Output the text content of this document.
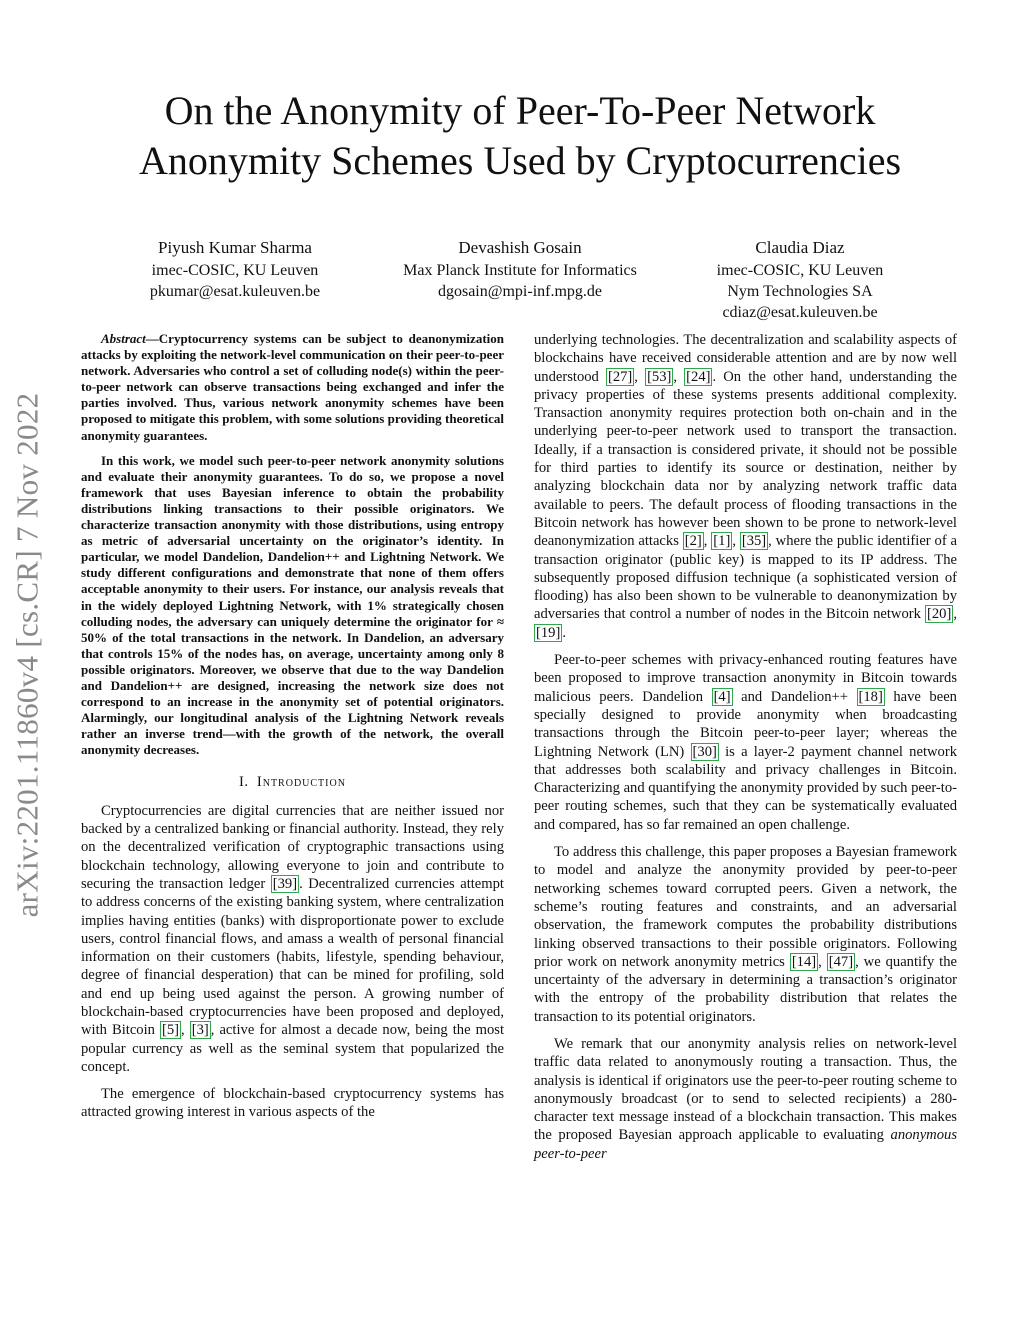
arXiv:2201.11860v4 [cs.CR] 7 Nov 2022
On the Anonymity of Peer-To-Peer Network Anonymity Schemes Used by Cryptocurrencies
Piyush Kumar Sharma
imec-COSIC, KU Leuven
pkumar@esat.kuleuven.be
Devashish Gosain
Max Planck Institute for Informatics
dgosain@mpi-inf.mpg.de
Claudia Diaz
imec-COSIC, KU Leuven
Nym Technologies SA
cdiaz@esat.kuleuven.be

Abstract—Cryptocurrency systems can be subject to deanonymization attacks by exploiting the network-level communication on their peer-to-peer network. Adversaries who control a set of colluding node(s) within the peer-to-peer network can observe transactions being exchanged and infer the parties involved. Thus, various network anonymity schemes have been proposed to mitigate this problem, with some solutions providing theoretical anonymity guarantees.

In this work, we model such peer-to-peer network anonymity solutions and evaluate their anonymity guarantees. To do so, we propose a novel framework that uses Bayesian inference to obtain the probability distributions linking transactions to their possible originators. We characterize transaction anonymity with those distributions, using entropy as metric of adversarial uncertainty on the originator’s identity. In particular, we model Dandelion, Dandelion++ and Lightning Network. We study different configurations and demonstrate that none of them offers acceptable anonymity to their users. For instance, our analysis reveals that in the widely deployed Lightning Network, with 1% strategically chosen colluding nodes, the adversary can uniquely determine the originator for ≈ 50% of the total transactions in the network. In Dandelion, an adversary that controls 15% of the nodes has, on average, uncertainty among only 8 possible originators. Moreover, we observe that due to the way Dandelion and Dandelion++ are designed, increasing the network size does not correspond to an increase in the anonymity set of potential originators. Alarmingly, our longitudinal analysis of the Lightning Network reveals rather an inverse trend—with the growth of the network, the overall anonymity decreases.

I. Introduction

Cryptocurrencies are digital currencies that are neither issued nor backed by a centralized banking or financial authority. Instead, they rely on the decentralized verification of cryptographic transactions using blockchain technology, allowing everyone to join and contribute to securing the transaction ledger [39] . Decentralized currencies attempt to address concerns of the existing banking system, where centralization implies having entities (banks) with disproportionate power to exclude users, control financial flows, and amass a wealth of personal financial information on their customers (habits, lifestyle, spending behaviour, degree of financial desperation) that can be mined for profiling, sold and end up being used against the person. A growing number of blockchain-based cryptocurrencies have been proposed and deployed, with Bitcoin [5] , [3] , active for almost a decade now, being the most popular currency as well as the seminal system that popularized the concept.

The emergence of blockchain-based cryptocurrency systems has attracted growing interest in various aspects of the

underlying technologies. The decentralization and scalability aspects of blockchains have received considerable attention and are by now well understood [27] , [53] , [24] . On the other hand, understanding the privacy properties of these systems presents additional complexity. Transaction anonymity requires protection both on-chain and in the underlying peer-to-peer network used to transport the transaction. Ideally, if a transaction is considered private, it should not be possible for third parties to identify its source or destination, neither by analyzing blockchain data nor by analyzing network traffic data available to peers. The default process of flooding transactions in the Bitcoin network has however been shown to be prone to network-level deanonymization attacks [2] , [1] , [35] , where the public identifier of a transaction originator (public key) is mapped to its IP address. The subsequently proposed diffusion technique (a sophisticated version of flooding) has also been shown to be vulnerable to deanonymization by adversaries that control a number of nodes in the Bitcoin network [20] , [19] .

Peer-to-peer schemes with privacy-enhanced routing features have been proposed to improve transaction anonymity in Bitcoin towards malicious peers. Dandelion [4] and Dandelion++ [18] have been specially designed to provide anonymity when broadcasting transactions through the Bitcoin peer-to-peer layer; whereas the Lightning Network (LN) [30] is a layer-2 payment channel network that addresses both scalability and privacy challenges in Bitcoin. Characterizing and quantifying the anonymity provided by such peer-to-peer routing schemes, such that they can be systematically evaluated and compared, has so far remained an open challenge.

To address this challenge, this paper proposes a Bayesian framework to model and analyze the anonymity provided by peer-to-peer networking schemes toward corrupted peers. Given a network, the scheme’s routing features and constraints, and an adversarial observation, the framework computes the probability distributions linking observed transactions to their possible originators. Following prior work on network anonymity metrics [14] , [47] , we quantify the uncertainty of the adversary in determining a transaction’s originator with the entropy of the probability distribution that relates the transaction to its potential originators.

We remark that our anonymity analysis relies on network-level traffic data related to anonymously routing a transaction. Thus, the analysis is identical if originators use the peer-to-peer routing scheme to anonymously broadcast (or to send to selected recipients) a 280-character text message instead of a blockchain transaction. This makes the proposed Bayesian approach applicable to evaluating anonymous peer-to-peer
